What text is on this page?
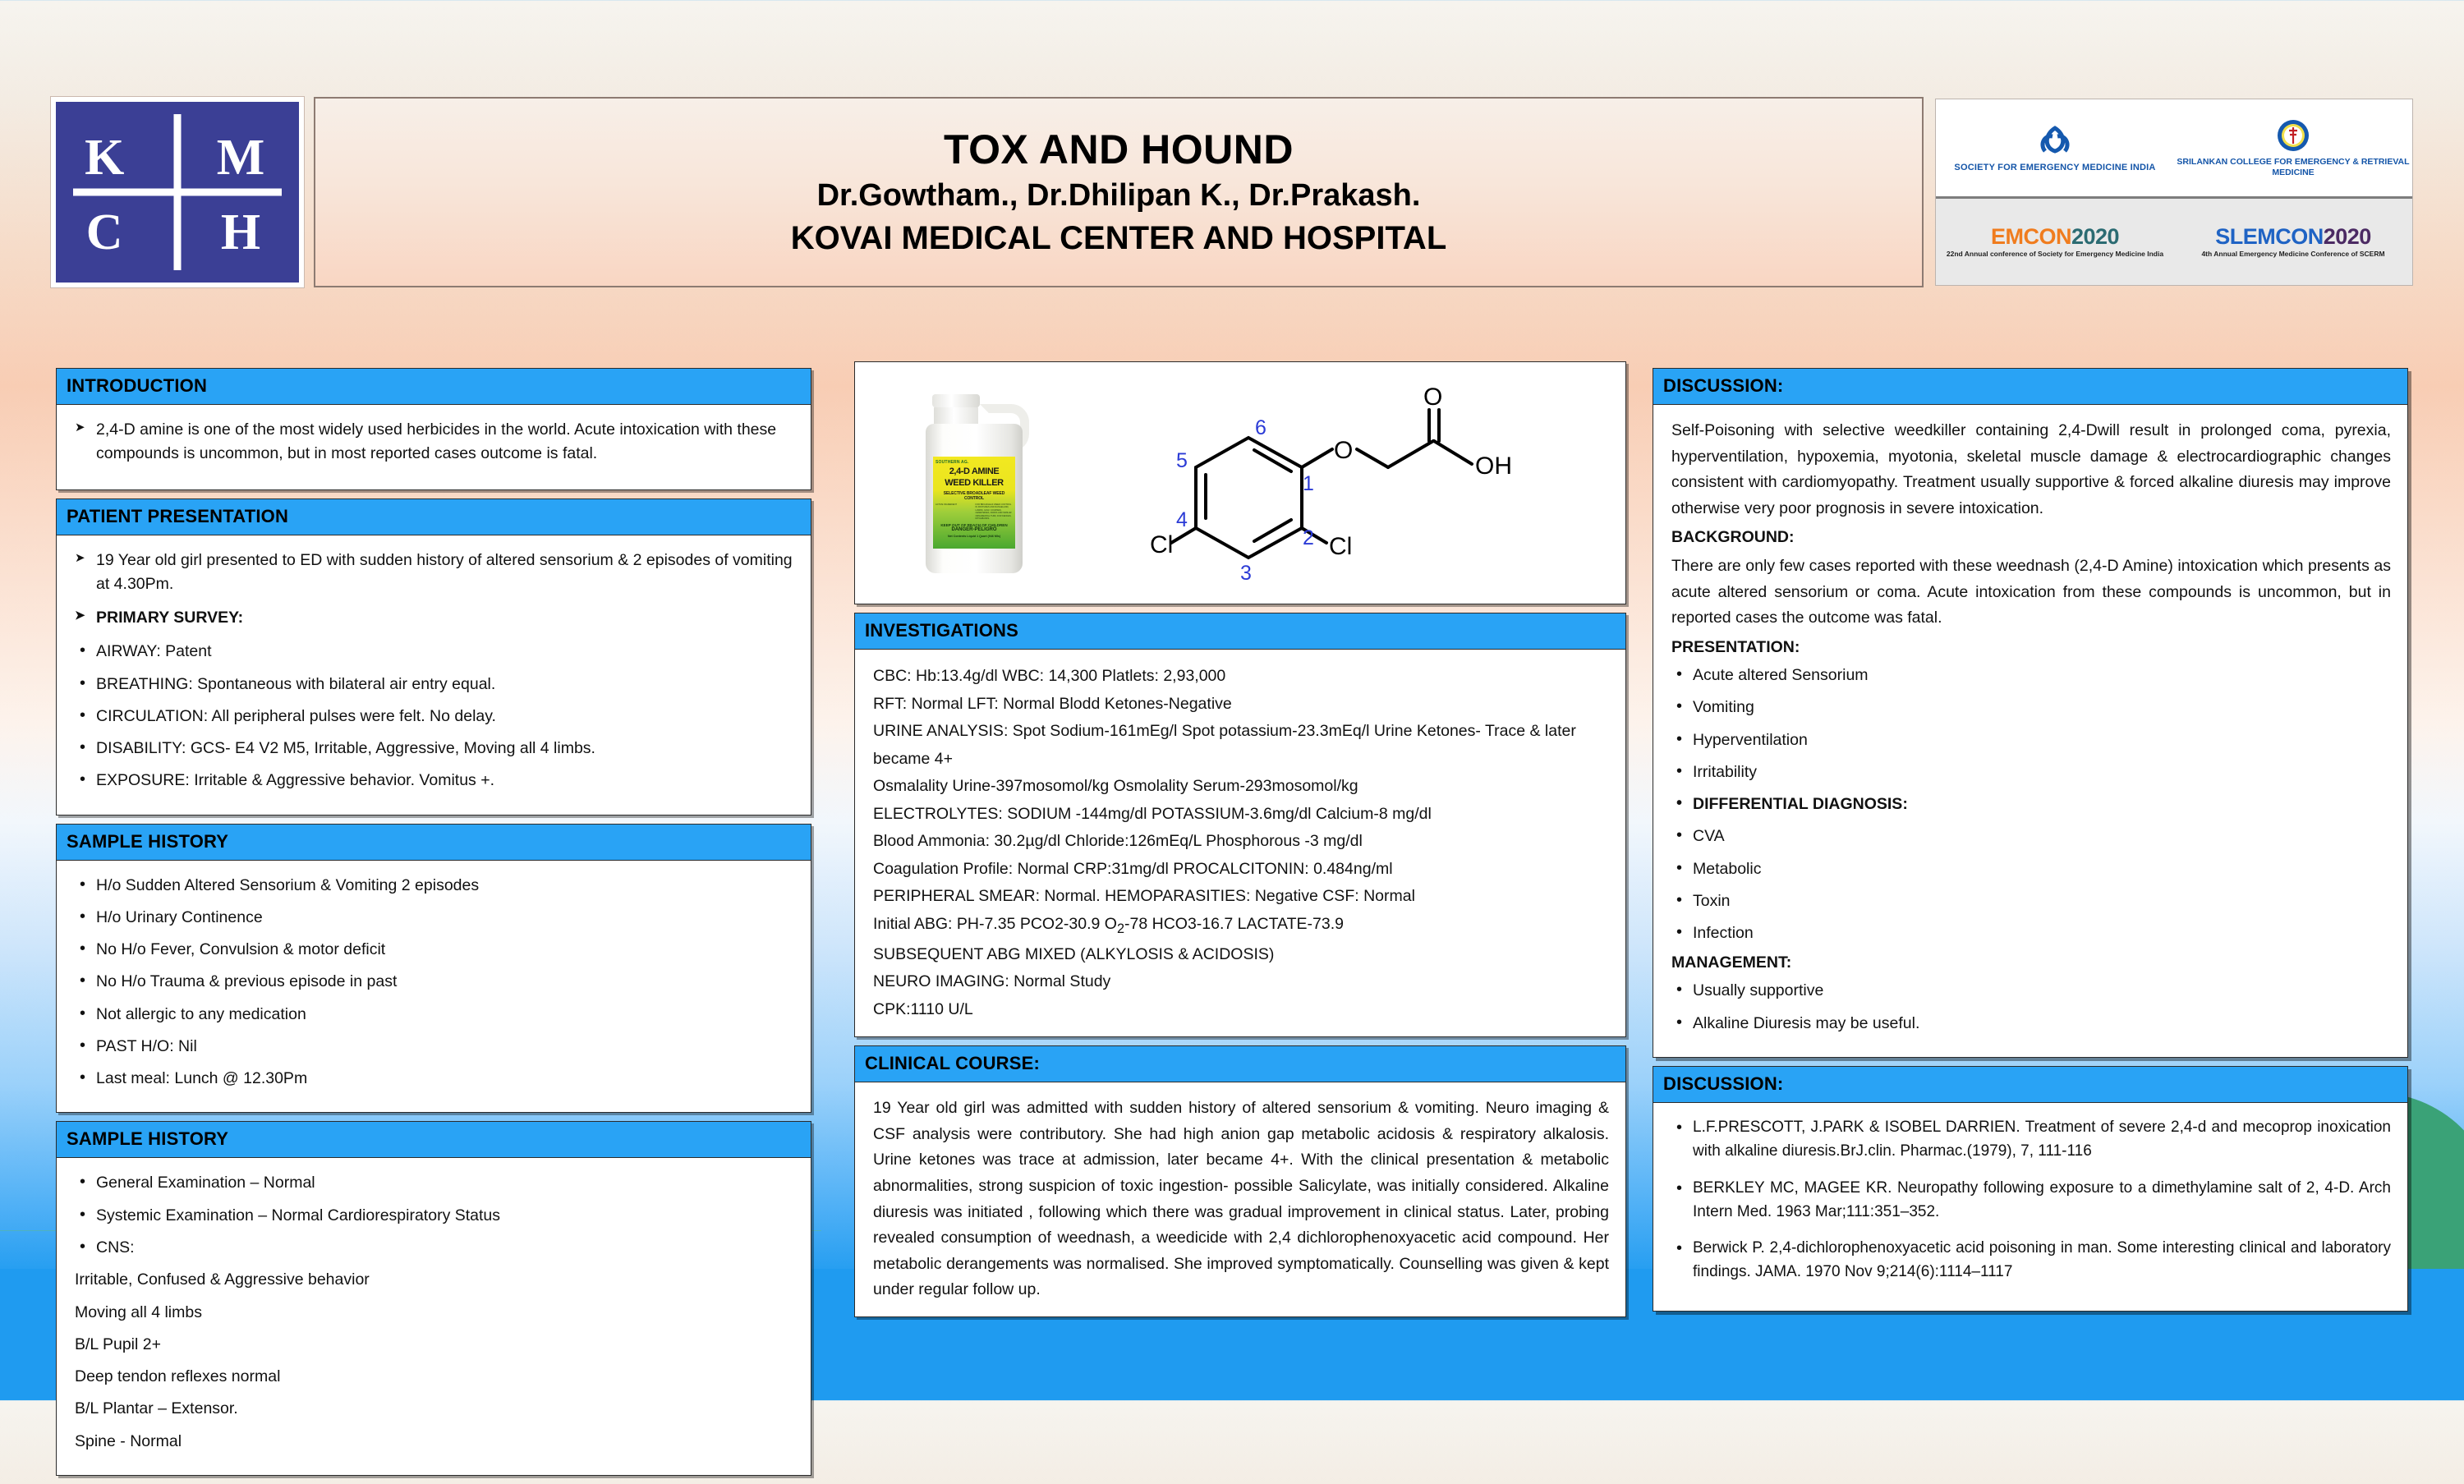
K M
C H
TOX AND HOUND
Dr.Gowtham., Dr.Dhilipan K., Dr.Prakash.
KOVAI MEDICAL CENTER AND HOSPITAL
SOCIETY FOR EMERGENCY MEDICINE INDIA
SRILANKAN COLLEGE FOR EMERGENCY & RETRIEVAL MEDICINE
EMCON2020
22nd Annual conference of Society for Emergency Medicine India
SLEMCON2020
4th Annual Emergency Medicine Conference of SCERM
INTRODUCTION
➤ 2,4-D amine is one of the most widely used herbicides in the world. Acute intoxication with these compounds is uncommon, but in most reported cases outcome is fatal.
PATIENT PRESENTATION
➤ 19 Year old girl presented to ED with sudden history of altered sensorium & 2 episodes of vomiting at 4.30Pm.
➤ PRIMARY SURVEY:
• AIRWAY: Patent
• BREATHING: Spontaneous with bilateral air entry equal.
• CIRCULATION: All peripheral pulses were felt. No delay.
• DISABILITY: GCS- E4 V2 M5, Irritable, Aggressive, Moving all 4 limbs.
• EXPOSURE: Irritable & Aggressive behavior. Vomitus +.
SAMPLE HISTORY
• H/o Sudden Altered Sensorium & Vomiting 2 episodes
• H/o Urinary Continence
• No H/o Fever, Convulsion & motor deficit
• No H/o Trauma & previous episode in past
• Not allergic to any medication
• PAST H/O: Nil
• Last meal: Lunch @ 12.30Pm
SAMPLE HISTORY
• General Examination – Normal
• Systemic Examination – Normal Cardiorespiratory Status
• CNS:
Irritable, Confused & Aggressive behavior
Moving all 4 limbs
B/L Pupil 2+
Deep tendon reflexes normal
B/L Plantar – Extensor.
Spine - Normal
SOUTHERN AG.
2,4-D AMINE
WEED KILLER
SELECTIVE BROADLEAF WEED CONTROL
ACTIVE INGREDIENT	FOR BROADLEAF WEED CONTROL IN PASTURES AND RANGELAND, LAWNS, GOLF COURSES, CEMETERIES, PARKS AND SIMILAR ORNAMENTAL TURF, FOR FENCES, DITCHBANKS.
KEEP OUT OF REACH OF CHILDREN
DANGER-PELIGRO
Net Contents Liquid 1 Quart (946 Mls)	Cl	Cl
O
O
OH
1
2
3
4
5
6
INVESTIGATIONS
CBC: Hb:13.4g/dl WBC: 14,300 Platlets: 2,93,000
RFT: Normal LFT: Normal Blodd Ketones-Negative
URINE ANALYSIS: Spot Sodium-161mEg/l Spot potassium-23.3mEq/l Urine Ketones- Trace & later became 4+
Osmalality Urine-397mosomol/kg Osmolality Serum-293mosomol/kg
ELECTROLYTES: SODIUM -144mg/dl POTASSIUM-3.6mg/dl Calcium-8 mg/dl
Blood Ammonia: 30.2µg/dl Chloride:126mEq/L Phosphorous -3 mg/dl
Coagulation Profile: Normal CRP:31mg/dl PROCALCITONIN: 0.484ng/ml
PERIPHERAL SMEAR: Normal. HEMOPARASITIES: Negative CSF: Normal
Initial ABG: PH-7.35 PCO2-30.9 $O_2-78$ HCO3-16.7 LACTATE-73.9
SUBSEQUENT ABG MIXED (ALKYLOSIS & ACIDOSIS)
NEURO IMAGING: Normal Study
CPK:1110 U/L
CLINICAL COURSE:
19 Year old girl was admitted with sudden history of altered sensorium & vomiting. Neuro imaging & CSF analysis were contributory. She had high anion gap metabolic acidosis & respiratory alkalosis. Urine ketones was trace at admission, later became 4+. With the clinical presentation & metabolic abnormalities, strong suspicion of toxic ingestion- possible Salicylate, was initially considered. Alkaline diuresis was initiated , following which there was gradual improvement in clinical status. Later, probing revealed consumption of weednash, a weedicide with 2,4 dichlorophenoxyacetic acid compound. Her metabolic derangements was normalised. She improved symptomatically. Counselling was given & kept under regular follow up.
DISCUSSION:
Self-Poisoning with selective weedkiller containing 2,4-Dwill result in prolonged coma, pyrexia, hyperventilation, hypoxemia, myotonia, skeletal muscle damage & electrocardiographic changes consistent with cardiomyopathy. Treatment usually supportive & forced alkaline diuresis may improve otherwise very poor prognosis in severe intoxication.
BACKGROUND:
There are only few cases reported with these weednash (2,4-D Amine) intoxication which presents as acute altered sensorium or coma. Acute intoxication from these compounds is uncommon, but in reported cases the outcome was fatal.
PRESENTATION:
• Acute altered Sensorium
• Vomiting
• Hyperventilation
• Irritability
• DIFFERENTIAL DIAGNOSIS:
• CVA
• Metabolic
• Toxin
• Infection
MANAGEMENT:
• Usually supportive
• Alkaline Diuresis may be useful.
DISCUSSION:
• L.F.PRESCOTT, J.PARK & ISOBEL DARRIEN. Treatment of severe 2,4-d and mecoprop inoxication with alkaline diuresis.BrJ.clin. Pharmac.(1979), 7, 111-116
• BERKLEY MC, MAGEE KR. Neuropathy following exposure to a dimethylamine salt of 2, 4-D. Arch Intern Med. 1963 Mar;111:351–352.
• Berwick P. 2,4-dichlorophenoxyacetic acid poisoning in man. Some interesting clinical and laboratory findings. JAMA. 1970 Nov 9;214(6):1114–1117
